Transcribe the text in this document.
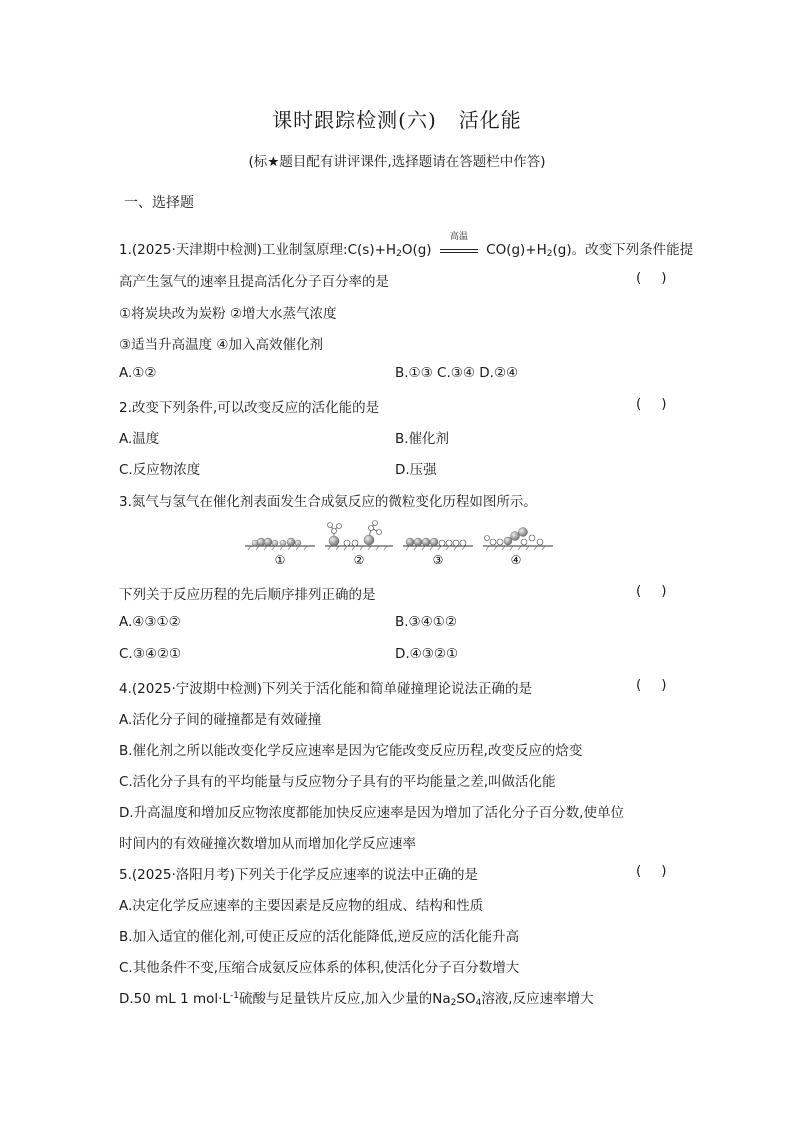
课时跟踪检测(六) 活化能
(标★题目配有讲评课件,选择题请在答题栏中作答)
一、选择题
1.(2025·天津期中检测)工业制氢原理$:C(s)+H_2O(g)$
高温
$CO(g)+H_2(g)$。改变下列条件能提
高产生氢气的速率且提高活化分子百分率的是	( )
①将炭块改为炭粉 ②增大水蒸气浓度
③适当升高温度 ④加入高效催化剂
A.①②	B.①③ C.③④ D.②④
2.改变下列条件,可以改变反应的活化能的是	( )
A.温度	B.催化剂
C.反应物浓度	D.压强
3.氮气与氢气在催化剂表面发生合成氨反应的微粒变化历程如图所示。
①	②	③	④
下列关于反应历程的先后顺序排列正确的是	( )
A.④③①②	B.③④①②
C.③④②①	D.④③②①
4.(2025·宁波期中检测)下列关于活化能和简单碰撞理论说法正确的是	( )
A.活化分子间的碰撞都是有效碰撞
B.催化剂之所以能改变化学反应速率是因为它能改变反应历程,改变反应的焓变
C.活化分子具有的平均能量与反应物分子具有的平均能量之差,叫做活化能
D.升高温度和增加反应物浓度都能加快反应速率是因为增加了活化分子百分数,使单位
时间内的有效碰撞次数增加从而增加化学反应速率
5.(2025·洛阳月考)下列关于化学反应速率的说法中正确的是	( )
A.决定化学反应速率的主要因素是反应物的组成、结构和性质
B.加入适宜的催化剂,可使正反应的活化能降低,逆反应的活化能升高
C.其他条件不变,压缩合成氨反应体系的体积,使活化分子百分数增大
D.50 mL 1 $mol\cdot L^{-1}$硫酸与足量铁片反应,加入少量的$Na_2SO_4$溶液,反应速率增大
